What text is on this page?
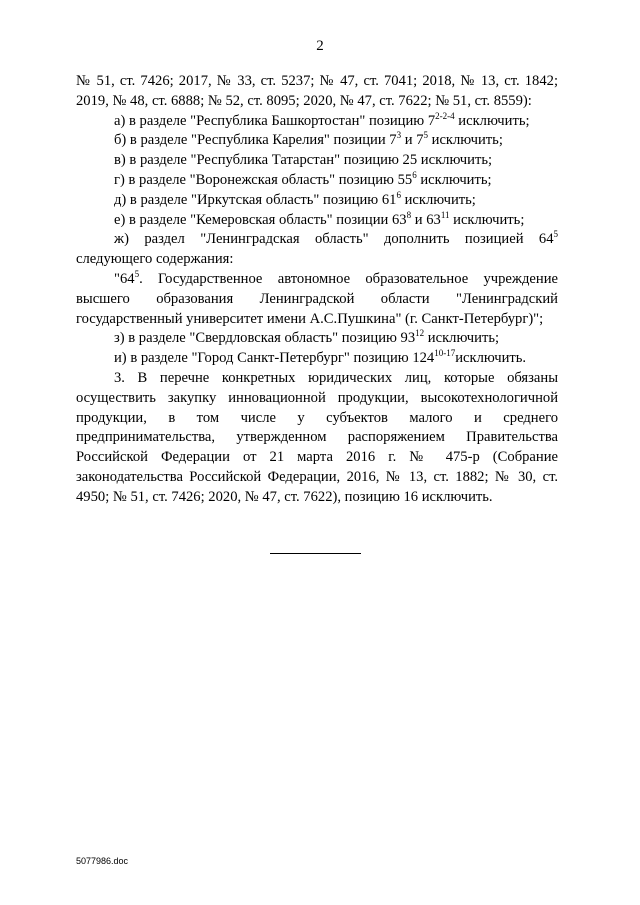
2

№ 51, ст. 7426; 2017, № 33, ст. 5237; № 47, ст. 7041; 2018, № 13, ст. 1842; 2019, № 48, ст. 6888; № 52, ст. 8095; 2020, № 47, ст. 7622; № 51, ст. 8559):

а) в разделе "Республика Башкортостан" позицию 7$^{2-2-4}$ исключить;

б) в разделе "Республика Карелия" позиции $7^3$ и $7^5$ исключить;

в) в разделе "Республика Татарстан" позицию 25 исключить;

г) в разделе "Воронежская область" позицию $55^6$ исключить;

д) в разделе "Иркутская область" позицию $61^6$ исключить;

е) в разделе "Кемеровская область" позиции $63^8$ и $63^{11}$ исключить;

ж) раздел "Ленинградская область" дополнить позицией $64^5$

следующего содержания:

"$64^5$. Государственное автономное образовательное учреждение высшего образования Ленинградской области "Ленинградский государственный университет имени А.С.Пушкина" (г. Санкт-Петербург)";

з) в разделе "Свердловская область" позицию $93^{12}$ исключить;

и) в разделе "Город Санкт-Петербург" позицию 124$^{10-17}$исключить.

3. В перечне конкретных юридических лиц, которые обязаны осуществить закупку инновационной продукции, высокотехнологичной продукции, в том числе у субъектов малого и среднего предпринимательства, утвержденном распоряжением Правительства Российской Федерации от 21 марта 2016 г. № 475-р (Собрание законодательства Российской Федерации, 2016, № 13, ст. 1882; № 30, ст. 4950; № 51, ст. 7426; 2020, № 47, ст. 7622), позицию 16 исключить.

5077986.doc
